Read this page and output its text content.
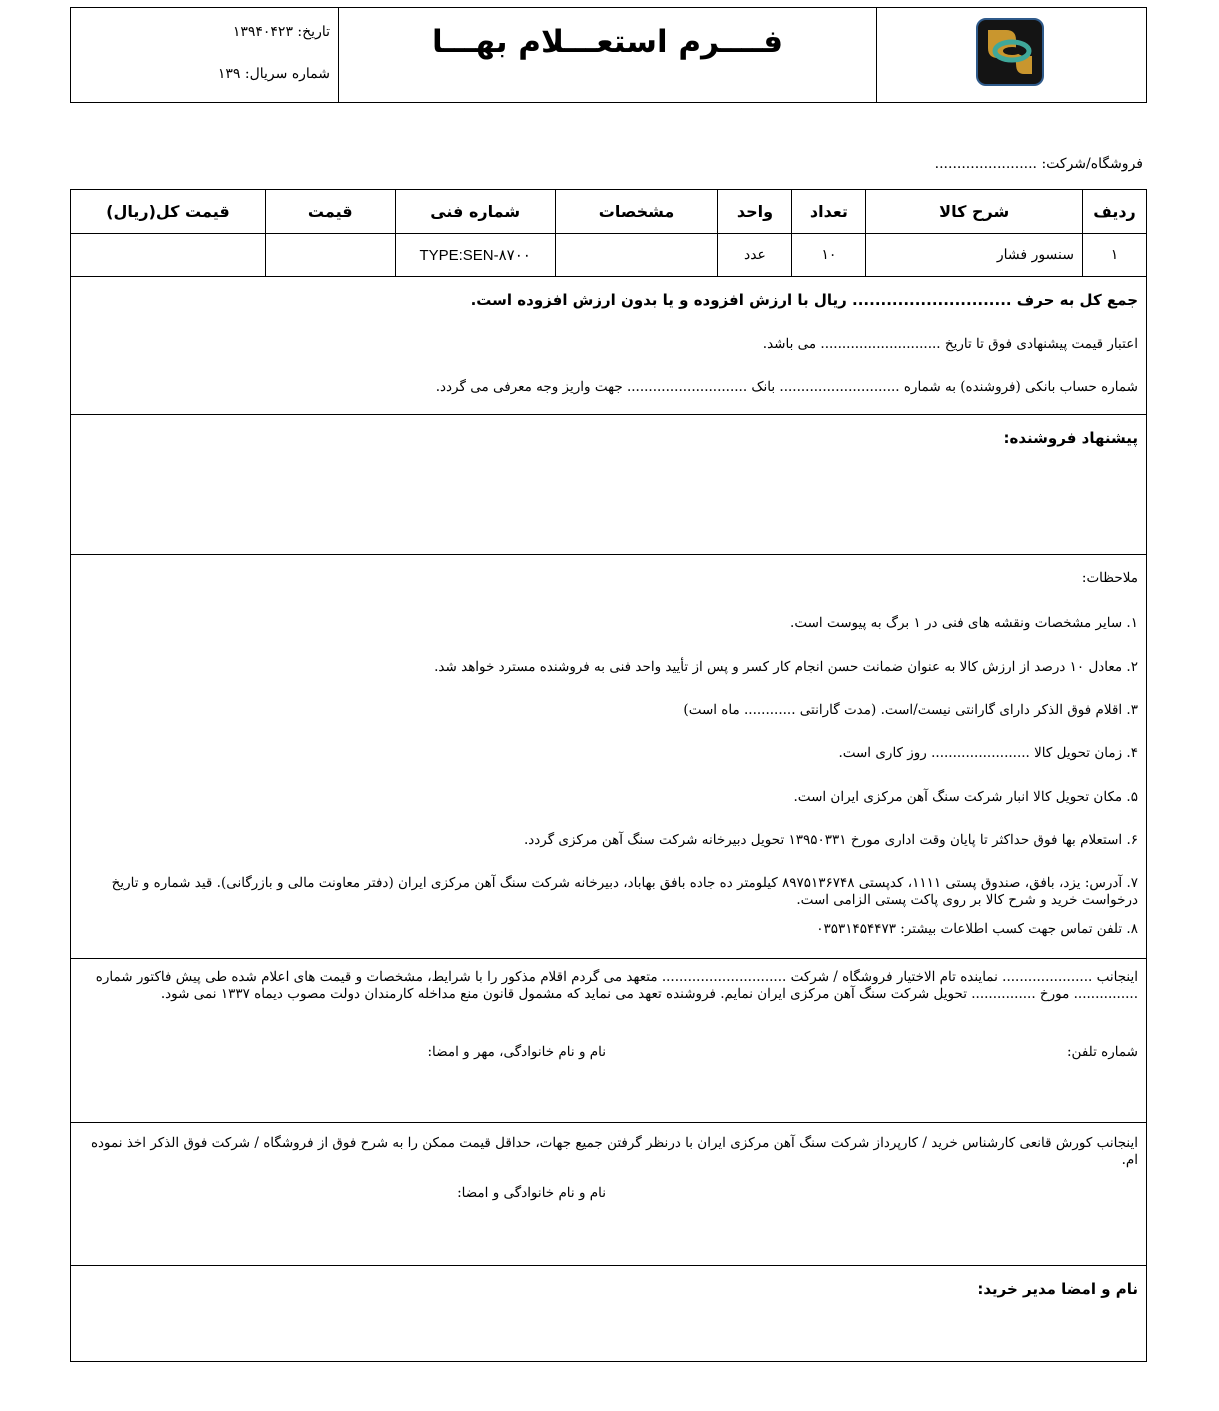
فــــرم استعـــلام بهـــا
تاریخ: ۱۳۹۴۰۴۲۳
شماره سریال: ۱۳۹
فروشگاه/شرکت: .......................
ردیف	شرح کالا	تعداد	واحد	مشخصات	شماره فنی	قیمت	قیمت کل(ریال)
۱	سنسور فشار	۱۰	عدد		TYPE:SEN-۸۷۰۰		
جمع کل به حرف ............................ ریال با ارزش افزوده و یا بدون ارزش افزوده است.
اعتبار قیمت پیشنهادی فوق تا تاریخ ............................ می باشد.
شماره حساب بانکی (فروشنده) به شماره ............................ بانک ............................ جهت واریز وجه معرفی می گردد.
پیشنهاد فروشنده:
ملاحظات:
۱. سایر مشخصات ونقشه های فنی در ۱ برگ به پیوست است.
۲. معادل ۱۰ درصد از ارزش کالا به عنوان ضمانت حسن انجام کار کسر و پس از تأیید واحد فنی به فروشنده مسترد خواهد شد.
۳. اقلام فوق الذکر دارای گارانتی نیست/است. (مدت گارانتی ............ ماه است)
۴. زمان تحویل کالا ....................... روز کاری است.
۵. مکان تحویل کالا انبار شرکت سنگ آهن مرکزی ایران است.
۶. استعلام بها فوق حداکثر تا پایان وقت اداری مورخ ۱۳۹۵۰۳۳۱ تحویل دبیرخانه شرکت سنگ آهن مرکزی گردد.
۷. آدرس: یزد، بافق، صندوق پستی ۱۱۱۱، کدپستی ۸۹۷۵۱۳۶۷۴۸ کیلومتر ده جاده بافق بهاباد، دبیرخانه شرکت سنگ آهن مرکزی ایران (دفتر معاونت مالی و بازرگانی). قید شماره و تاریخ درخواست خرید و شرح کالا بر روی پاکت پستی الزامی است.
۸. تلفن تماس جهت کسب اطلاعات بیشتر: ۰۳۵۳۱۴۵۴۴۷۳
اینجانب ..................... نماینده تام الاختیار فروشگاه / شرکت ............................. متعهد می گردم اقلام مذکور را با شرایط، مشخصات و قیمت های اعلام شده طی پیش فاکتور شماره ............... مورخ ............... تحویل شرکت سنگ آهن مرکزی ایران نمایم. فروشنده تعهد می نماید که مشمول قانون منع مداخله کارمندان دولت مصوب دیماه ۱۳۳۷ نمی شود.
شماره تلفن:
نام و نام خانوادگی، مهر و امضا:
اینجانب کورش قانعی کارشناس خرید / کارپرداز شرکت سنگ آهن مرکزی ایران با درنظر گرفتن جمیع جهات، حداقل قیمت ممکن را به شرح فوق از فروشگاه / شرکت فوق الذکر اخذ نموده ام.
نام و نام خانوادگی و امضا:
نام و امضا مدیر خرید:
